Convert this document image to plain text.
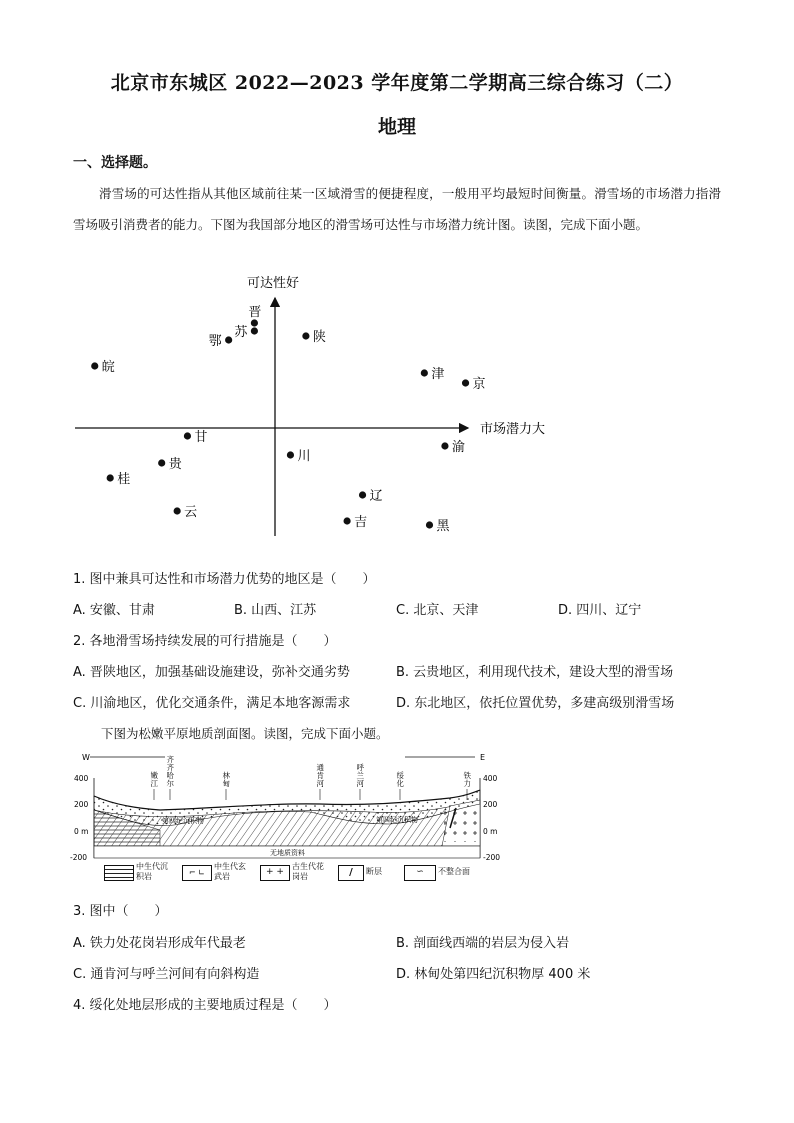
北京市东城区 2022—2023 学年度第二学期高三综合练习（二）
地理
一、选择题。
滑雪场的可达性指从其他区域前往某一区域滑雪的便捷程度，一般用平均最短时间衡量。滑雪场的市场潜力指滑雪场吸引消费者的能力。下图为我国部分地区的滑雪场可达性与市场潜力统计图。读图，完成下面小题。
可达性好
市场潜力大
晋
苏
鄂	陕
皖	津
京
甘
渝
川
贵
桂
辽
云
吉	黑
1. 图中兼具可达性和市场潜力优势的地区是（　　）
A. 安徽、甘肃	B. 山西、江苏	C. 北京、天津	D. 四川、辽宁
2. 各地滑雪场持续发展的可行措施是（　　）
A. 晋陕地区，加强基础设施建设，弥补交通劣势	B. 云贵地区，利用现代技术，建设大型的滑雪场
C. 川渝地区，优化交通条件，满足本地客源需求	D. 东北地区，依托位置优势，多建高级别滑雪场
下图为松嫩平原地质剖面图。读图，完成下面小题。
W	E
400
200
0 m
-200
400
200
0 m
-200
无地质资料
第四纪沉积物	第四纪沉积物
嫩江
齐齐哈尔
林甸
通肯河
呼兰河
绥化
铁力
中生代沉积岩	⌐ ∟
中生代玄武岩	+ +
古生代花岗岩	/	断层	∽	不整合面
3. 图中（　　）
A. 铁力处花岗岩形成年代最老	B. 剖面线西端的岩层为侵入岩
C. 通肯河与呼兰河间有向斜构造	D. 林甸处第四纪沉积物厚 400 米
4. 绥化处地层形成的主要地质过程是（　　）
